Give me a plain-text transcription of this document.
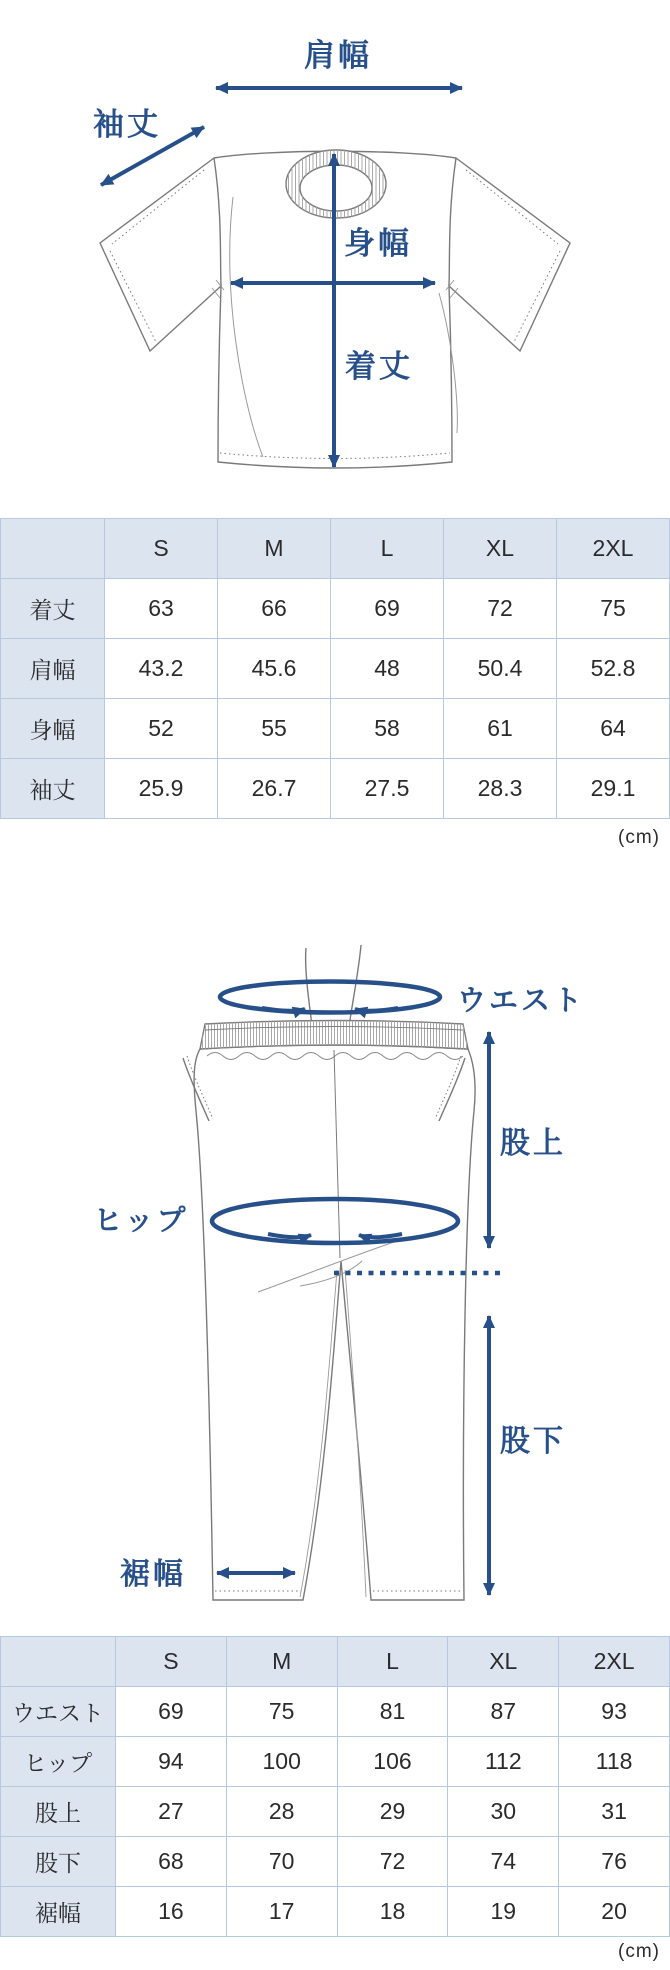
肩幅
袖丈
身幅
着丈
	S	M	L	XL	2XL
着丈	63	66	69	72	75
肩幅	43.2	45.6	48	50.4	52.8
身幅	52	55	58	61	64
袖丈	25.9	26.7	27.5	28.3	29.1
(cm)
ウエスト
股上
ヒップ
股下
裾幅
	S	M	L	XL	2XL
ウエスト	69	75	81	87	93
ヒップ	94	100	106	112	118
股上	27	28	29	30	31
股下	68	70	72	74	76
裾幅	16	17	18	19	20
(cm)
